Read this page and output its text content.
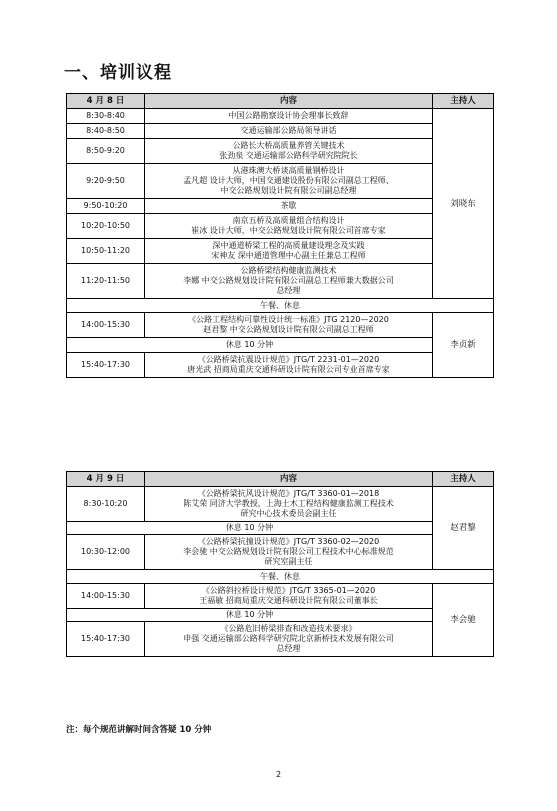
一、培训议程
4 月 8 日	内容	主持人
8:30-8:40	中国公路勘察设计协会理事长致辞	刘晓东
8:40-8:50	交通运输部公路局领导讲话	

8:50-9:20	公路长大桥高质量养管关键技术
张劲泉 交通运输部公路科学研究院院长	

9:20-9:50	从港珠澳大桥谈高质量钢桥设计
孟凡超 设计大师，中国交通建设股份有限公司副总工程师、
中交公路规划设计院有限公司副总经理	

9:50-10:20	茶歇	

10:20-10:50	南京五桥及高质量组合结构设计
崔冰 设计大师，中交公路规划设计院有限公司首席专家	

10:50-11:20	深中通道桥梁工程的高质量建设理念及实践
宋神友 深中通道管理中心副主任兼总工程师	

11:20-11:50	公路桥梁结构健康监测技术
李娜 中交公路规划设计院有限公司副总工程师兼大数据公司
总经理	

午餐、休息		
14:00-15:30	《公路工程结构可靠性设计统一标准》JTG 2120—2020
赵君黎 中交公路规划设计院有限公司副总工程师	李贞新

休息 10 分钟		

15:40-17:30	《公路桥梁抗震设计规范》JTG/T 2231-01—2020
唐光武 招商局重庆交通科研设计院有限公司专业首席专家	
4 月 9 日	内容	主持人
8:30-10:20	《公路桥梁抗风设计规范》JTG/T 3360-01—2018
陈艾荣 同济大学教授，上海土木工程结构健康监测工程技术
研究中心技术委员会副主任	赵君黎
休息 10 分钟		
10:30-12:00	《公路桥梁抗撞设计规范》JTG/T 3360-02—2020
李会驰 中交公路规划设计院有限公司工程技术中心标准规范
研究室副主任	

午餐、休息		
14:00-15:30	《公路斜拉桥设计规范》JTG/T 3365-01—2020
王福敏 招商局重庆交通科研设计院有限公司董事长	李会驰
休息 10 分钟		
15:40-17:30	《公路危旧桥梁排查和改造技术要求》
申强 交通运输部公路科学研究院北京新桥技术发展有限公司
总经理	
注：每个规范讲解时间含答疑 10 分钟
2
